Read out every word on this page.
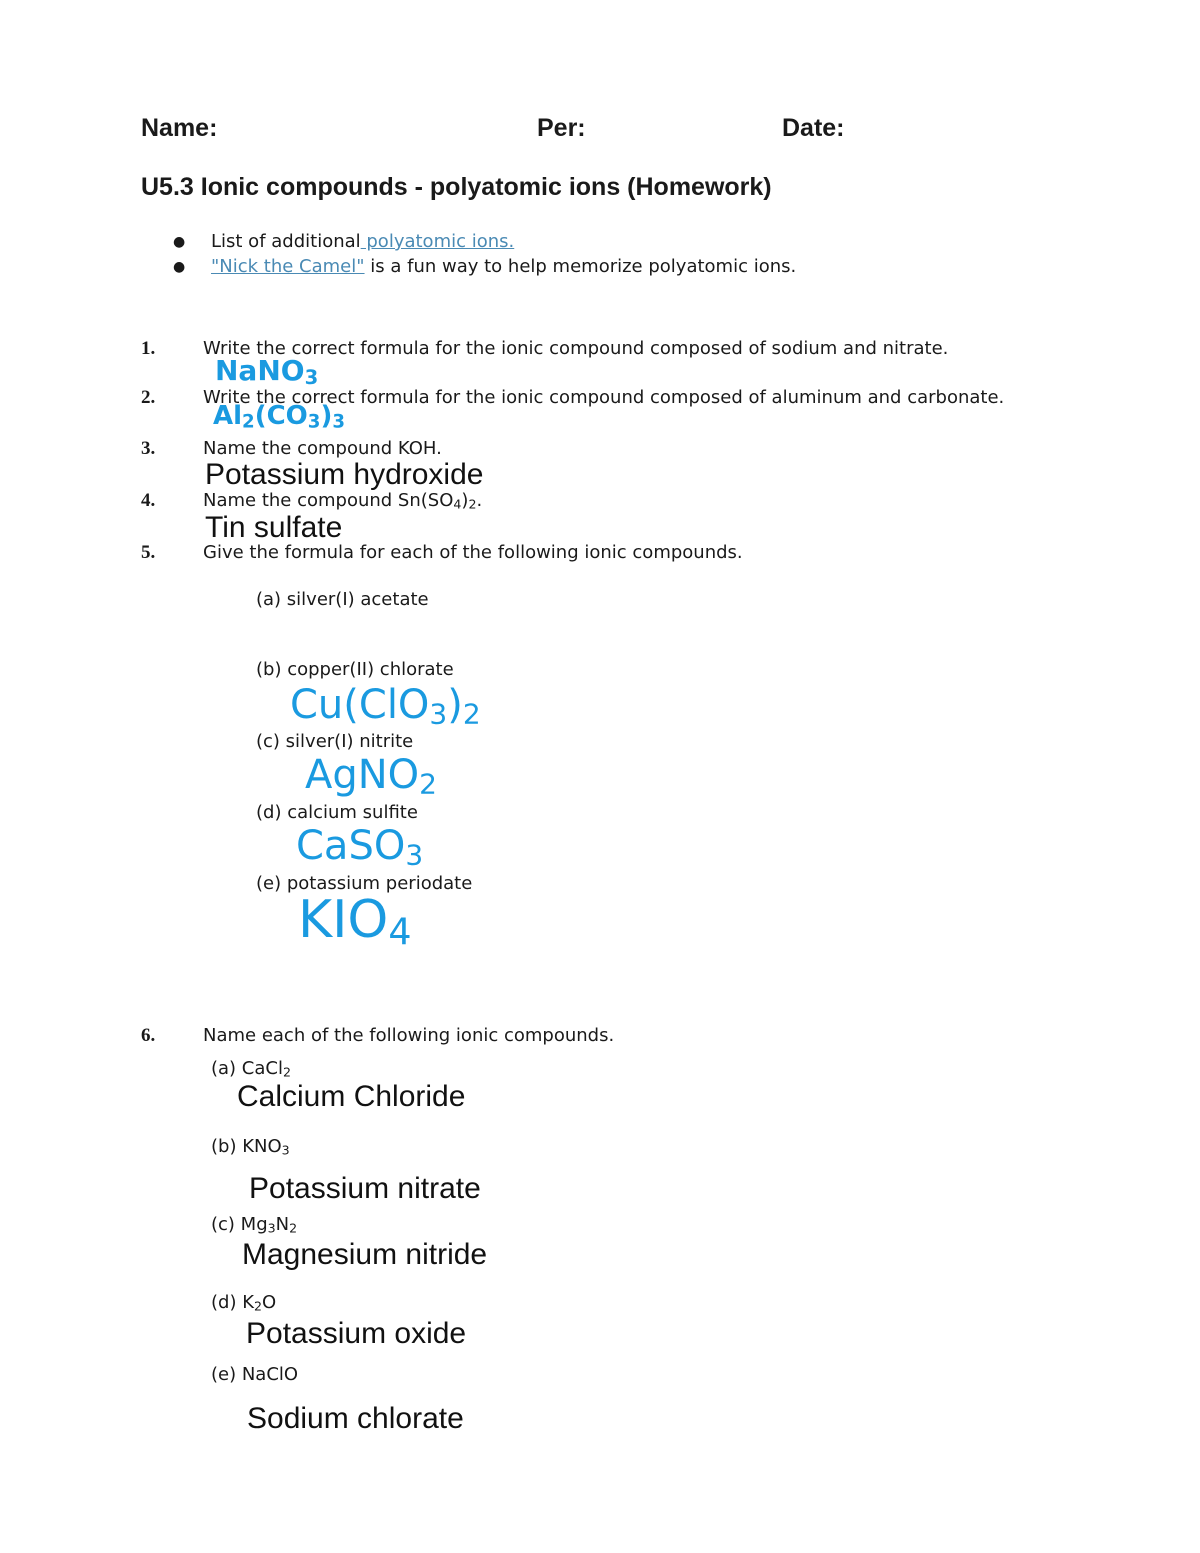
Name:	Per:	Date:
U5.3 Ionic compounds - polyatomic ions (Homework)
● List of additional polyatomic ions.
● "Nick the Camel" is a fun way to help memorize polyatomic ions.
1.	Write the correct formula for the ionic compound composed of sodium and nitrate.
NaNO$_3$
2.	Write the correct formula for the ionic compound composed of aluminum and carbonate.
$Al_2(CO_3)_3$
3.	Name the compound KOH.
Potassium hydroxide
4.	Name the compound $Sn(SO_4)_2$.
Tin sulfate
5.	Give the formula for each of the following ionic compounds.
(a) silver(I) acetate
(b) copper(II) chlorate
$Cu(ClO_3)_2$
(c) silver(I) nitrite
AgNO$_2$
(d) calcium sulfite
CaSO$_3$
(e) potassium periodate
$KIO_4$
6.	Name each of the following ionic compounds.
(a) CaCl$_2$
Calcium Chloride
(b) $KNO_3$
Potassium nitrate
(c) $Mg_3N_2$
Magnesium nitride
(d) $K_2O$
Potassium oxide
(e) NaClO
Sodium chlorate
